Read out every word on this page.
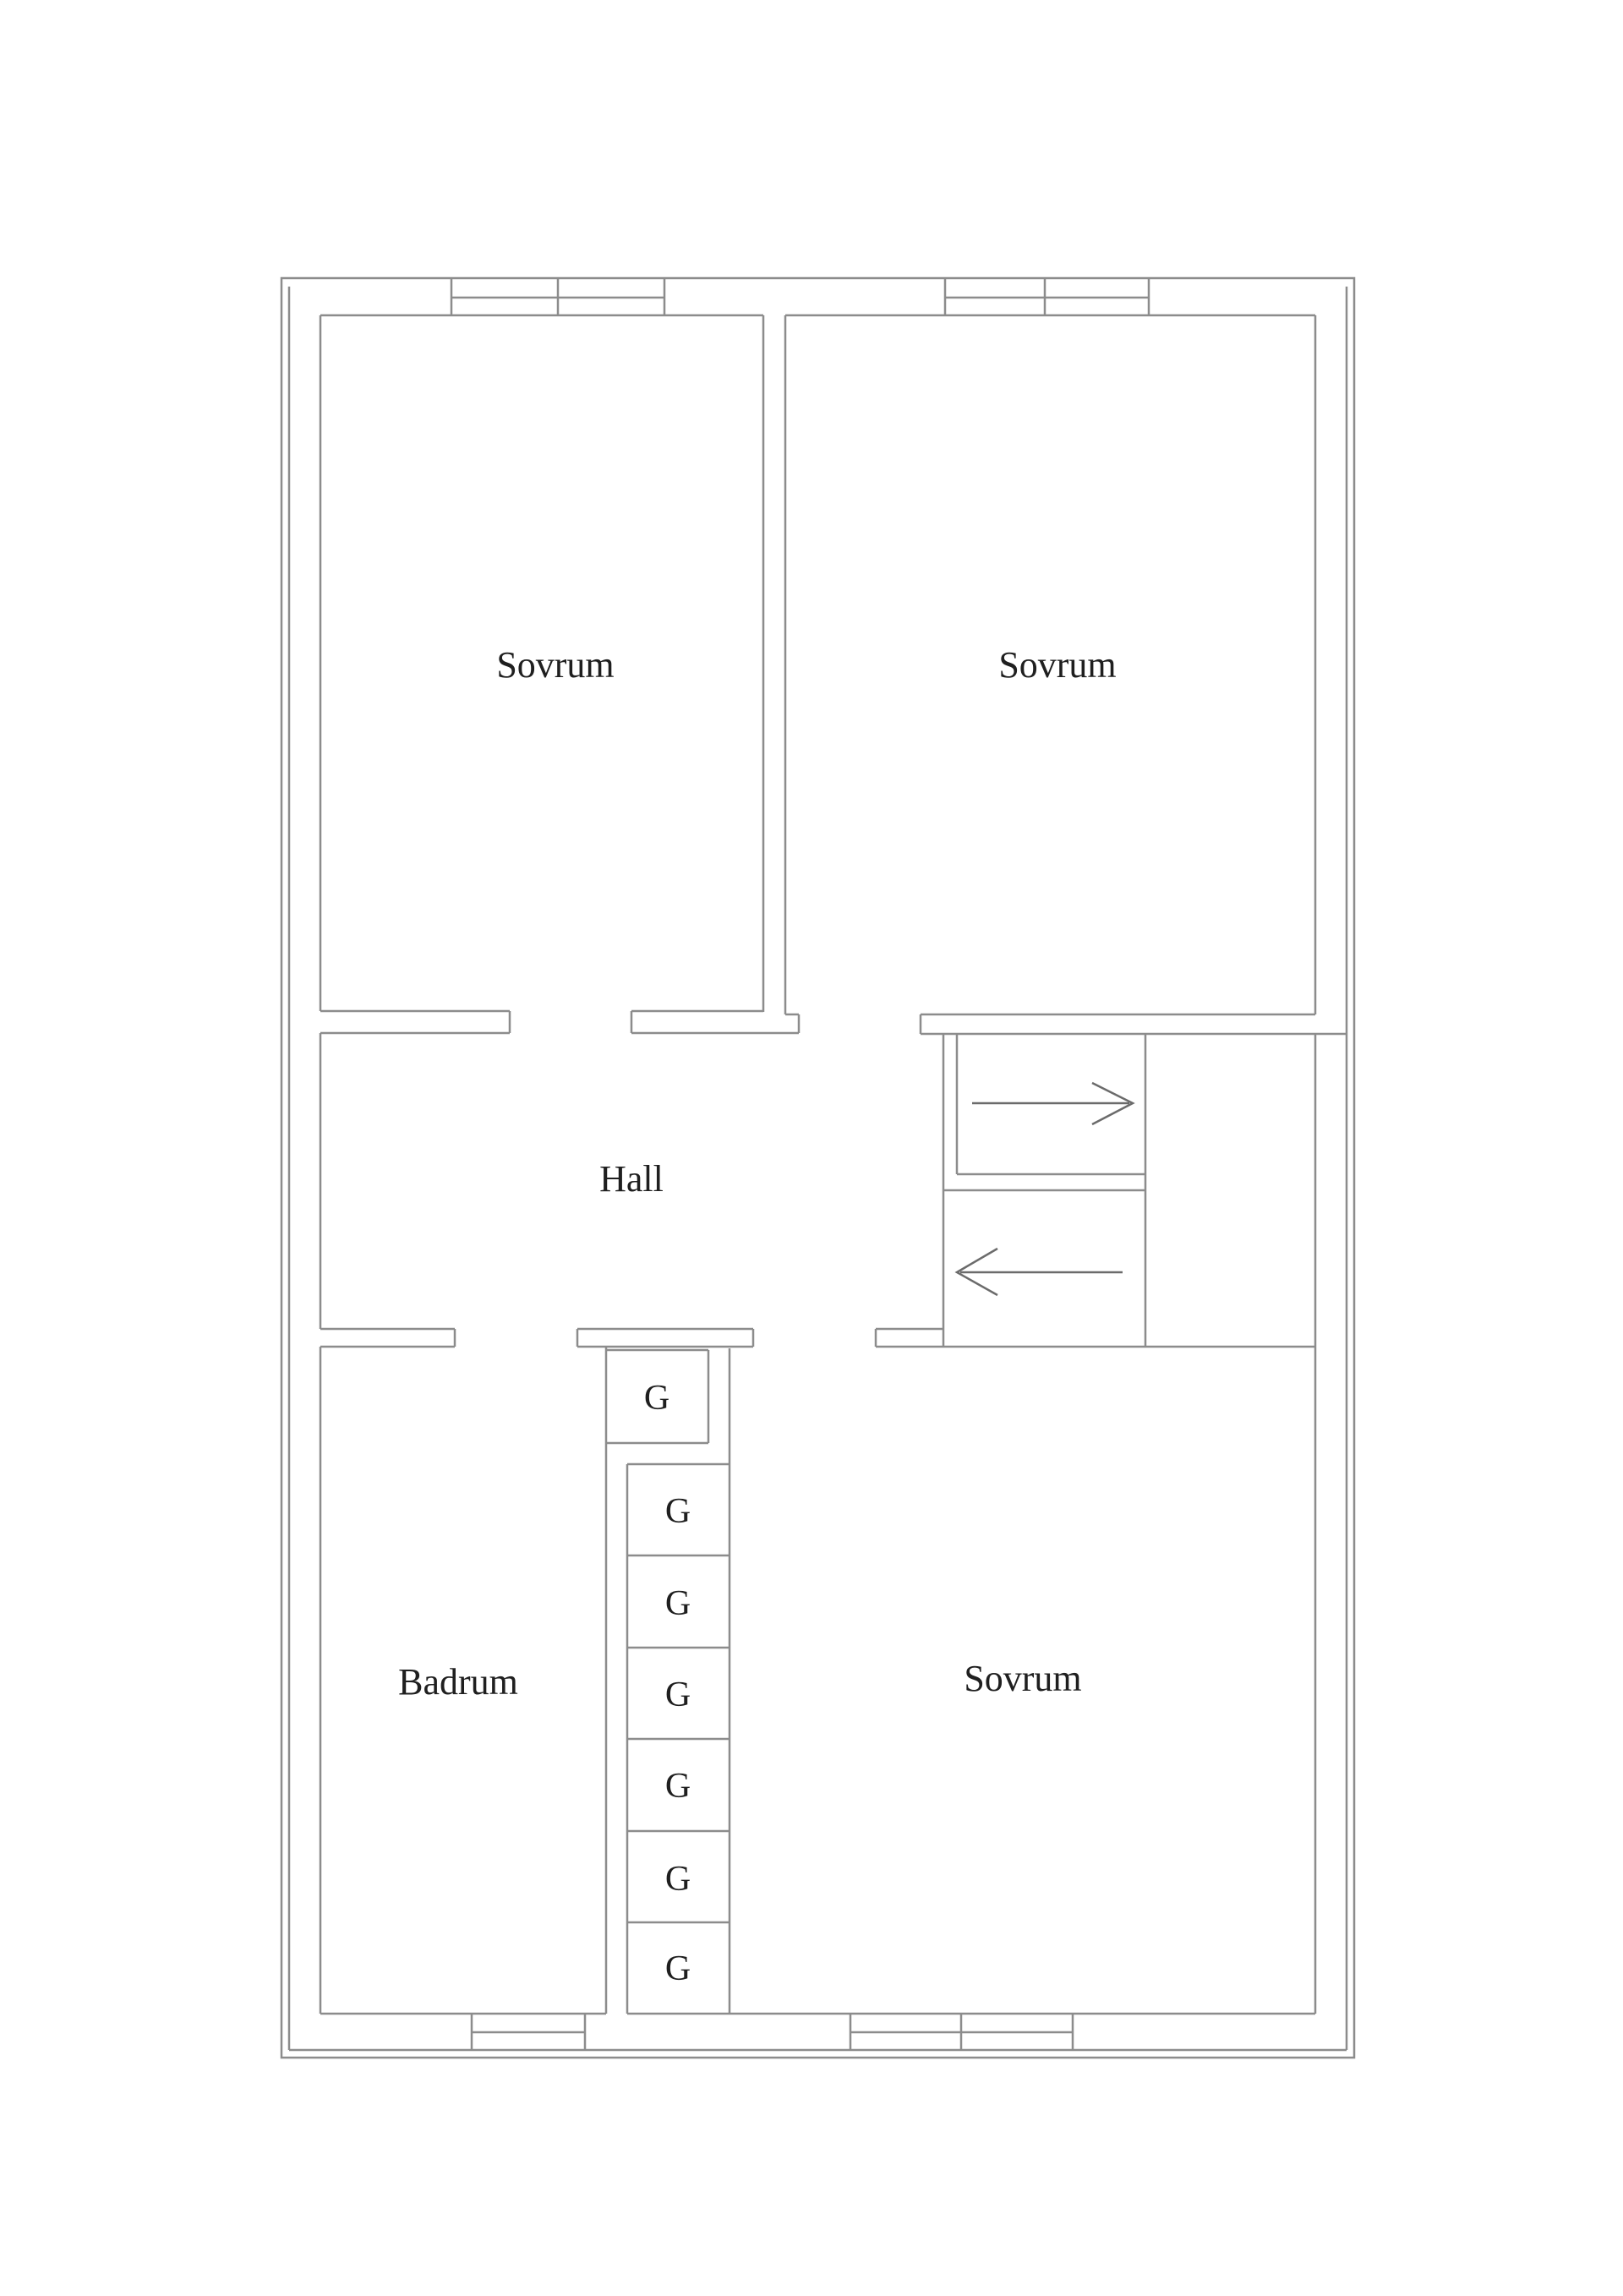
Sovrum	Sovrum
Hall
Badrum	Sovrum
G
G
G
G
G
G
G
